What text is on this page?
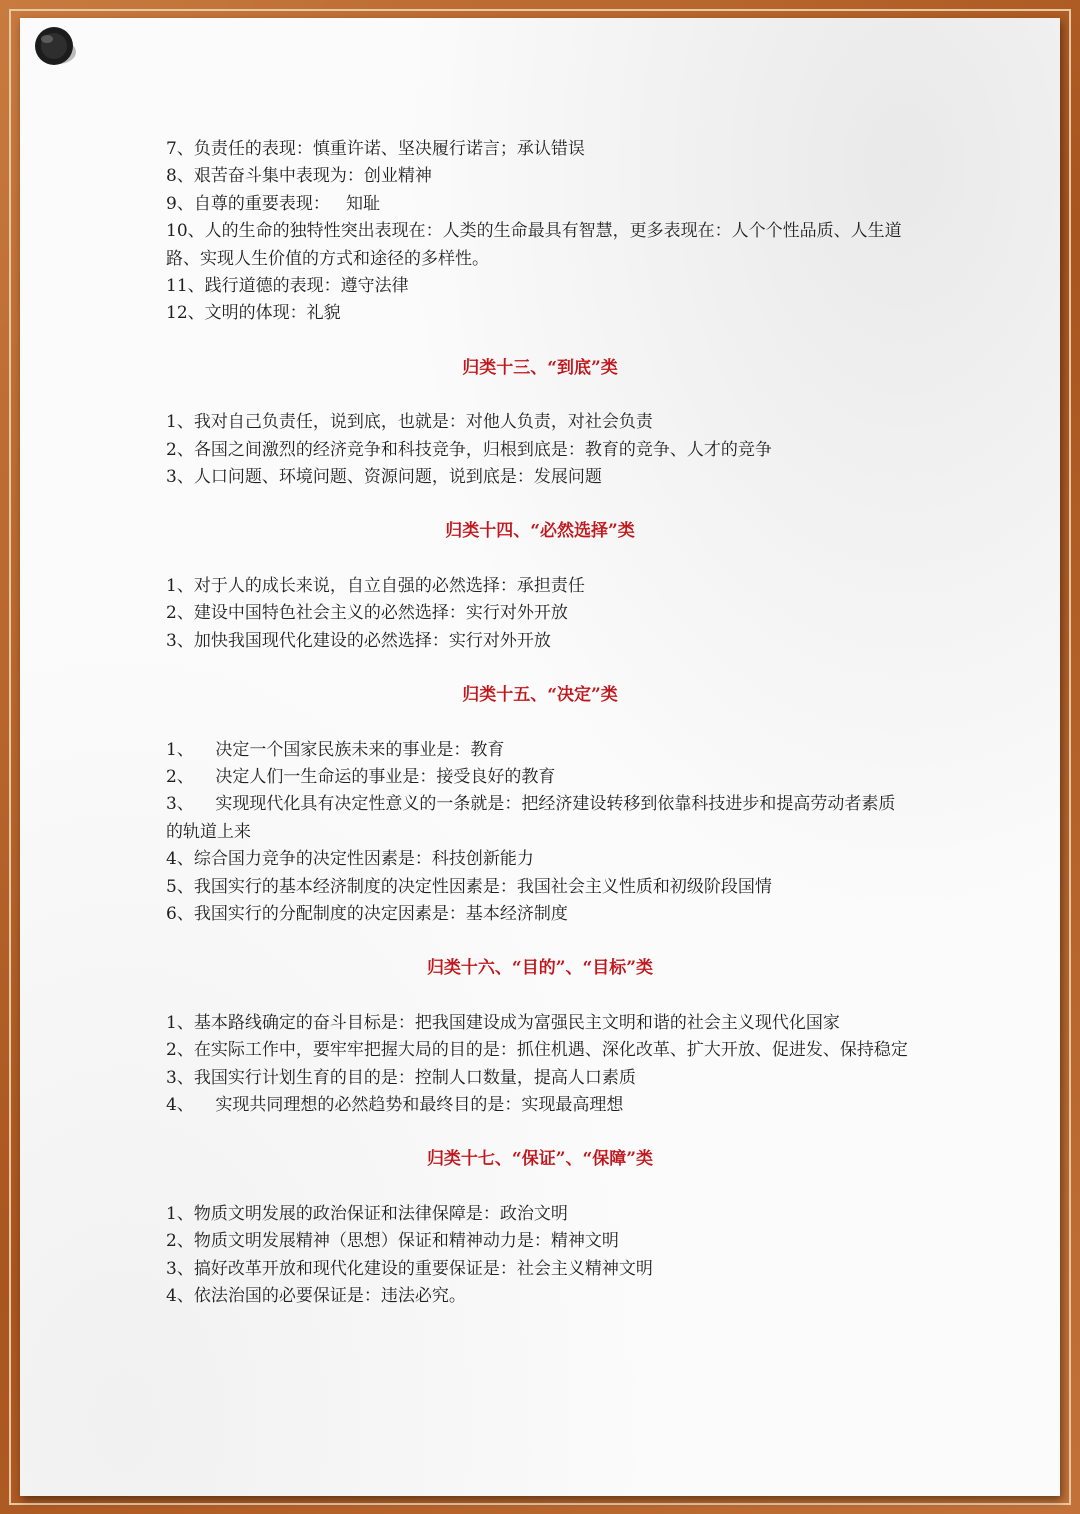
7、负责任的表现：慎重许诺、坚决履行诺言；承认错误
8、艰苦奋斗集中表现为：创业精神
9、自尊的重要表现：   知耻
10、人的生命的独特性突出表现在：人类的生命最具有智慧，更多表现在：人个个性品质、人生道路、实现人生价值的方式和途径的多样性。
11、践行道德的表现：遵守法律
12、文明的体现：礼貌
归类十三、“到底”类
1、我对自己负责任，说到底，也就是：对他人负责，对社会负责
2、各国之间激烈的经济竞争和科技竞争，归根到底是：教育的竞争、人才的竞争
3、人口问题、环境问题、资源问题，说到底是：发展问题
归类十四、“必然选择”类
1、对于人的成长来说，自立自强的必然选择：承担责任
2、建设中国特色社会主义的必然选择：实行对外开放
3、加快我国现代化建设的必然选择：实行对外开放
归类十五、“决定”类
1、    决定一个国家民族未来的事业是：教育
2、    决定人们一生命运的事业是：接受良好的教育
3、    实现现代化具有决定性意义的一条就是：把经济建设转移到依靠科技进步和提高劳动者素质    的轨道上来
4、综合国力竞争的决定性因素是：科技创新能力
5、我国实行的基本经济制度的决定性因素是：我国社会主义性质和初级阶段国情
6、我国实行的分配制度的决定因素是：基本经济制度
归类十六、“目的”、“目标”类
1、基本路线确定的奋斗目标是：把我国建设成为富强民主文明和谐的社会主义现代化国家
2、在实际工作中，要牢牢把握大局的目的是：抓住机遇、深化改革、扩大开放、促进发、保持稳定
3、我国实行计划生育的目的是：控制人口数量，提高人口素质
4、    实现共同理想的必然趋势和最终目的是：实现最高理想
归类十七、“保证”、“保障”类
1、物质文明发展的政治保证和法律保障是：政治文明
2、物质文明发展精神（思想）保证和精神动力是：精神文明
3、搞好改革开放和现代化建设的重要保证是：社会主义精神文明
4、依法治国的必要保证是：违法必究。
